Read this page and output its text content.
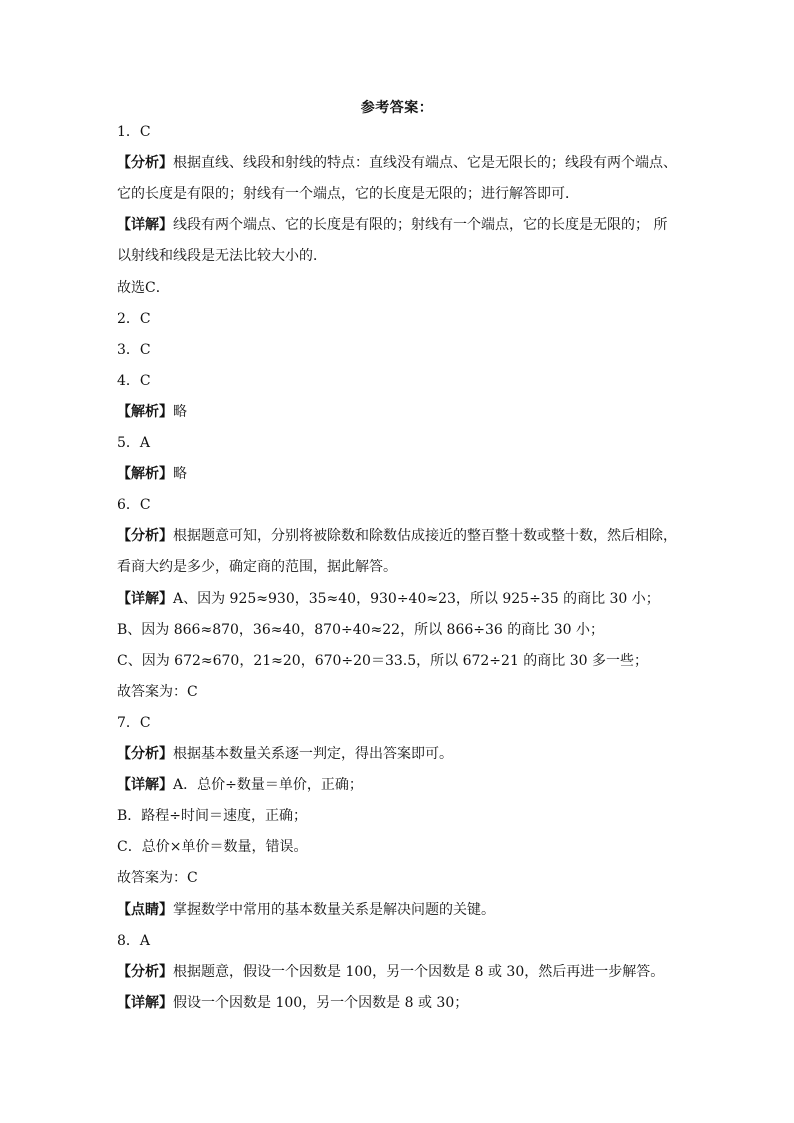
参考答案：
1．C
【分析】根据直线、线段和射线的特点：直线没有端点、它是无限长的；线段有两个端点、
它的长度是有限的；射线有一个端点，它的长度是无限的；进行解答即可．
【详解】线段有两个端点、它的长度是有限的；射线有一个端点，它的长度是无限的； 所
以射线和线段是无法比较大小的．
故选C．
2．C
3．C
4．C
【解析】略
5．A
【解析】略
6．C
【分析】根据题意可知，分别将被除数和除数估成接近的整百整十数或整十数，然后相除，
看商大约是多少，确定商的范围，据此解答。
【详解】A、因为 925≈930，35≈40，930÷40≈23，所以 925÷35 的商比 30 小；
B、因为 866≈870，36≈40，870÷40≈22，所以 866÷36 的商比 30 小；
C、因为 672≈670，21≈20，670÷20＝33.5，所以 672÷21 的商比 30 多一些；
故答案为：C
7．C
【分析】根据基本数量关系逐一判定，得出答案即可。
【详解】A．总价÷数量＝单价，正确；
B．路程÷时间＝速度，正确；
C．总价×单价＝数量，错误。
故答案为：C
【点睛】掌握数学中常用的基本数量关系是解决问题的关键。
8．A
【分析】根据题意，假设一个因数是 100，另一个因数是 8 或 30，然后再进一步解答。
【详解】假设一个因数是 100，另一个因数是 8 或 30；
